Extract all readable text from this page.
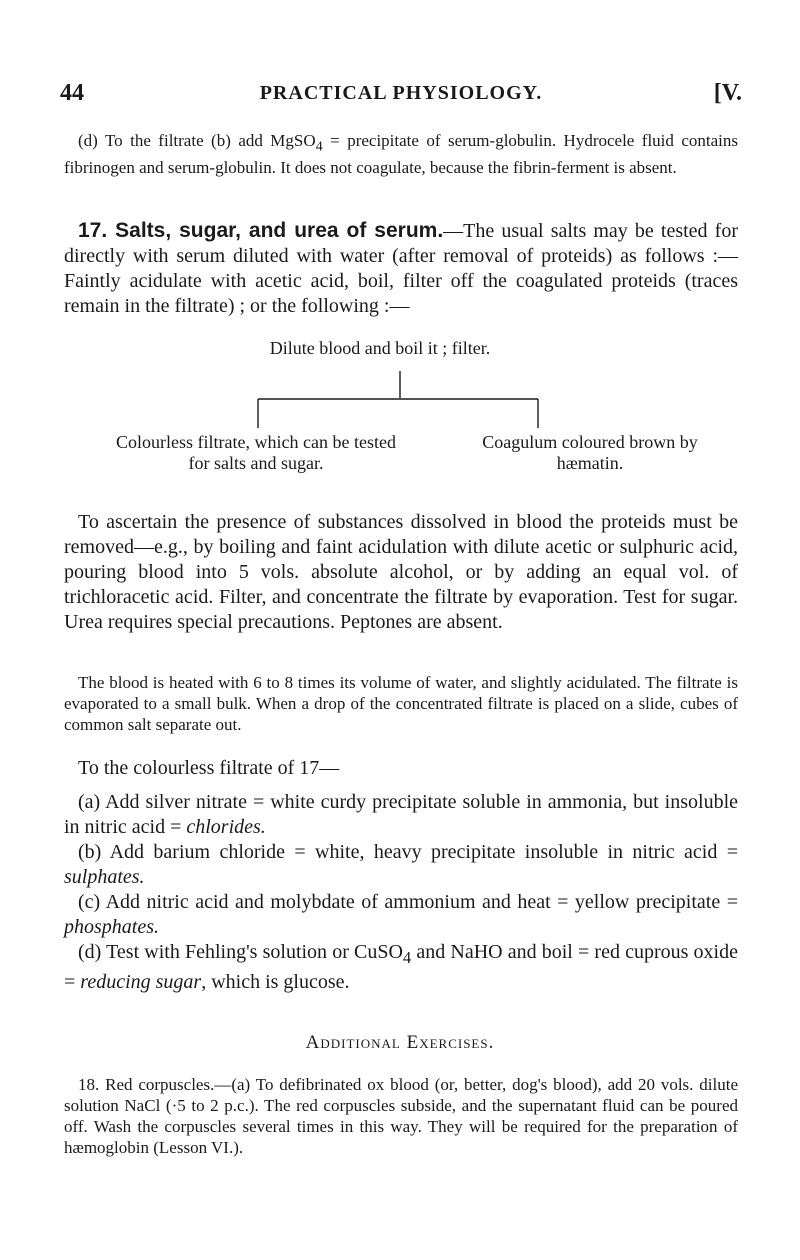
44	PRACTICAL PHYSIOLOGY.	[V.

(d) To the filtrate (b) add MgSO$_4$ = precipitate of serum-globulin. Hydrocele fluid contains fibrinogen and serum-globulin. It does not coagulate, because the fibrin-ferment is absent.

17. Salts, sugar, and urea of serum.—The usual salts may be tested for directly with serum diluted with water (after removal of proteids) as follows :—Faintly acidulate with acetic acid, boil, filter off the coagulated proteids (traces remain in the filtrate) ; or the following :—

Dilute blood and boil it ; filter.
Colourless filtrate, which can be tested
for salts and sugar.
Coagulum coloured brown by
hæmatin.

To ascertain the presence of substances dissolved in blood the proteids must be removed—e.g., by boiling and faint acidulation with dilute acetic or sulphuric acid, pouring blood into 5 vols. absolute alcohol, or by adding an equal vol. of trichloracetic acid. Filter, and concentrate the filtrate by evaporation. Test for sugar. Urea requires special precautions. Peptones are absent.

The blood is heated with 6 to 8 times its volume of water, and slightly acidulated. The filtrate is evaporated to a small bulk. When a drop of the concentrated filtrate is placed on a slide, cubes of common salt separate out.

To the colourless filtrate of 17—

(a) Add silver nitrate = white curdy precipitate soluble in ammonia, but insoluble in nitric acid = chlorides.

(b) Add barium chloride = white, heavy precipitate insoluble in nitric acid = sulphates.

(c) Add nitric acid and molybdate of ammonium and heat = yellow precipitate = phosphates.

(d) Test with Fehling's solution or CuSO$_4$ and NaHO and boil = red cuprous oxide = reducing sugar, which is glucose.

Additional Exercises.

18. Red corpuscles.—(a) To defibrinated ox blood (or, better, dog's blood), add 20 vols. dilute solution NaCl (·5 to 2 p.c.). The red corpuscles subside, and the supernatant fluid can be poured off. Wash the corpuscles several times in this way. They will be required for the preparation of hæmoglobin (Lesson VI.).
